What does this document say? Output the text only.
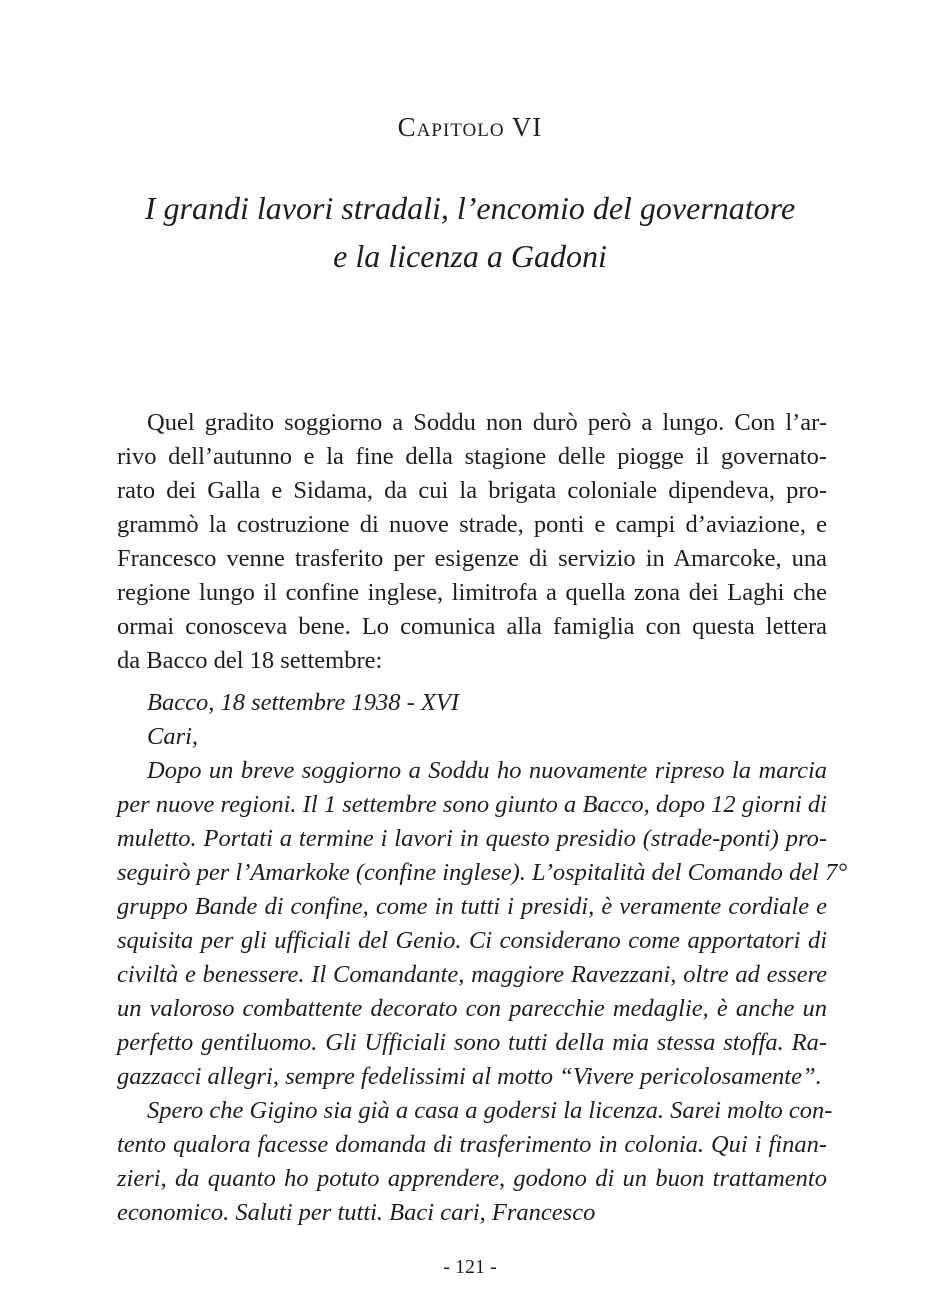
Capitolo VI
I grandi lavori stradali, l’encomio del governatore
e la licenza a Gadoni
Quel gradito soggiorno a Soddu non durò però a lungo. Con l’ar-
rivo dell’autunno e la fine della stagione delle piogge il governato-
rato dei Galla e Sidama, da cui la brigata coloniale dipendeva, pro-
grammò la costruzione di nuove strade, ponti e campi d’aviazione, e
Francesco venne trasferito per esigenze di servizio in Amarcoke, una
regione lungo il confine inglese, limitrofa a quella zona dei Laghi che
ormai conosceva bene. Lo comunica alla famiglia con questa lettera
da Bacco del 18 settembre:
Bacco, 18 settembre 1938 - XVI
Cari,
Dopo un breve soggiorno a Soddu ho nuovamente ripreso la marcia
per nuove regioni. Il 1 settembre sono giunto a Bacco, dopo 12 giorni di
muletto. Portati a termine i lavori in questo presidio (strade-ponti) pro-
seguirò per l’Amarkoke (confine inglese). L’ospitalità del Comando del 7°
gruppo Bande di confine, come in tutti i presidi, è veramente cordiale e
squisita per gli ufficiali del Genio. Ci considerano come apportatori di
civiltà e benessere. Il Comandante, maggiore Ravezzani, oltre ad essere
un valoroso combattente decorato con parecchie medaglie, è anche un
perfetto gentiluomo. Gli Ufficiali sono tutti della mia stessa stoffa. Ra-
gazzacci allegri, sempre fedelissimi al motto “Vivere pericolosamente”.
Spero che Gigino sia già a casa a godersi la licenza. Sarei molto con-
tento qualora facesse domanda di trasferimento in colonia. Qui i finan-
zieri, da quanto ho potuto apprendere, godono di un buon trattamento
economico. Saluti per tutti. Baci cari, Francesco
- 121 -
